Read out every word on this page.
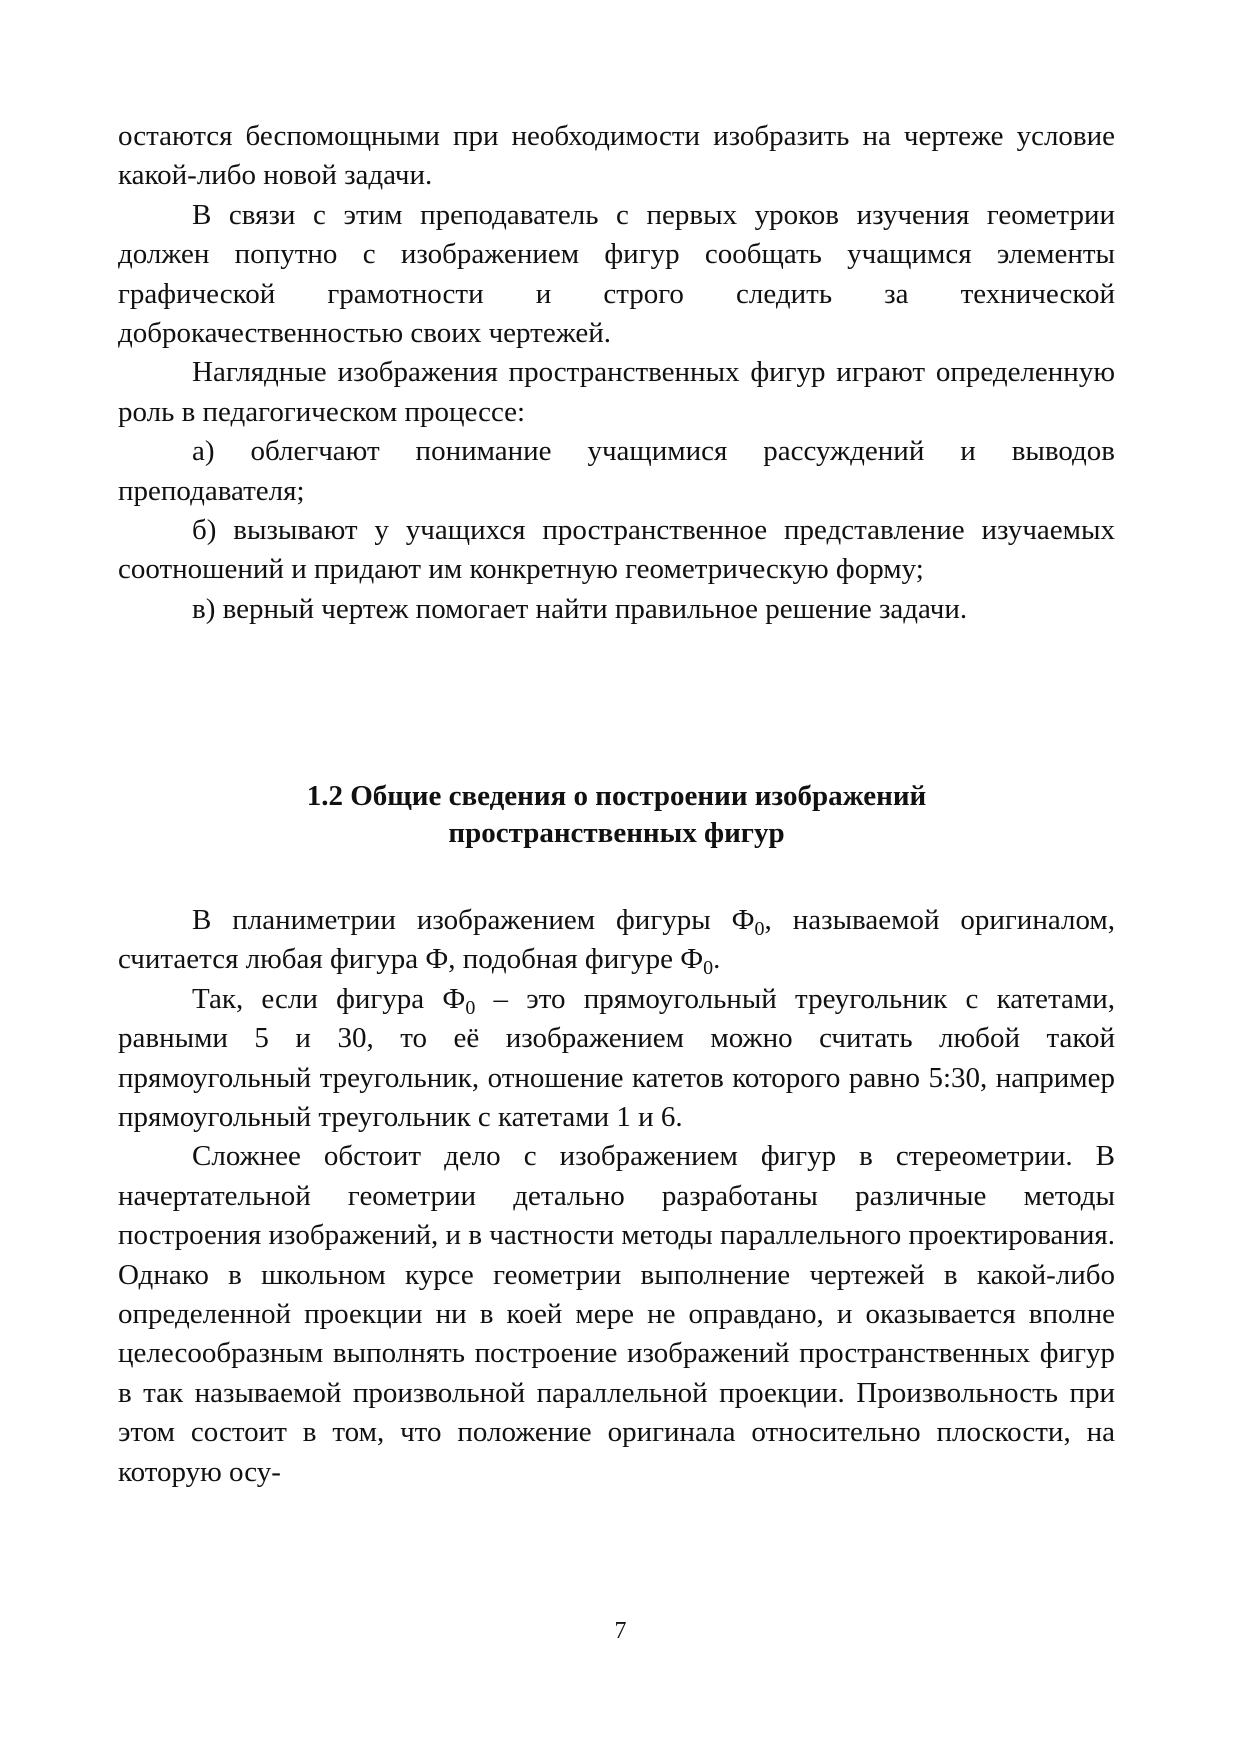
остаются беспомощными при необходимости изобразить на чертеже условие какой-либо новой задачи.

В связи с этим преподаватель с первых уроков изучения геометрии должен попутно с изображением фигур сообщать учащимся элементы графической грамотности и строго следить за технической доброкачественностью своих чертежей.

Наглядные изображения пространственных фигур играют определенную роль в педагогическом процессе:

а) облегчают понимание учащимися рассуждений и выводов преподавателя;

б) вызывают у учащихся пространственное представление изучаемых соотношений и придают им конкретную геометрическую форму;

в) верный чертеж помогает найти правильное решение задачи.

1.2 Общие сведения о построении изображений
пространственных фигур

В планиметрии изображением фигуры $Ф_0$, называемой оригиналом, считается любая фигура Ф, подобная фигуре $Ф_0$.

Так, если фигура $Ф_0$ – это прямоугольный треугольник с катетами, равными 5 и 30, то её изображением можно считать любой такой прямоугольный треугольник, отношение катетов которого равно 5:30, например прямоугольный треугольник с катетами 1 и 6.

Сложнее обстоит дело с изображением фигур в стереометрии. В начертательной геометрии детально разработаны различные методы построения изображений, и в частности методы параллельного проектирования. Однако в школьном курсе геометрии выполнение чертежей в какой-либо определенной проекции ни в коей мере не оправдано, и оказывается вполне целесообразным выполнять построение изображений пространственных фигур в так называемой произвольной параллельной проекции. Произвольность при этом состоит в том, что положение оригинала относительно плоскости, на которую осу-

7
